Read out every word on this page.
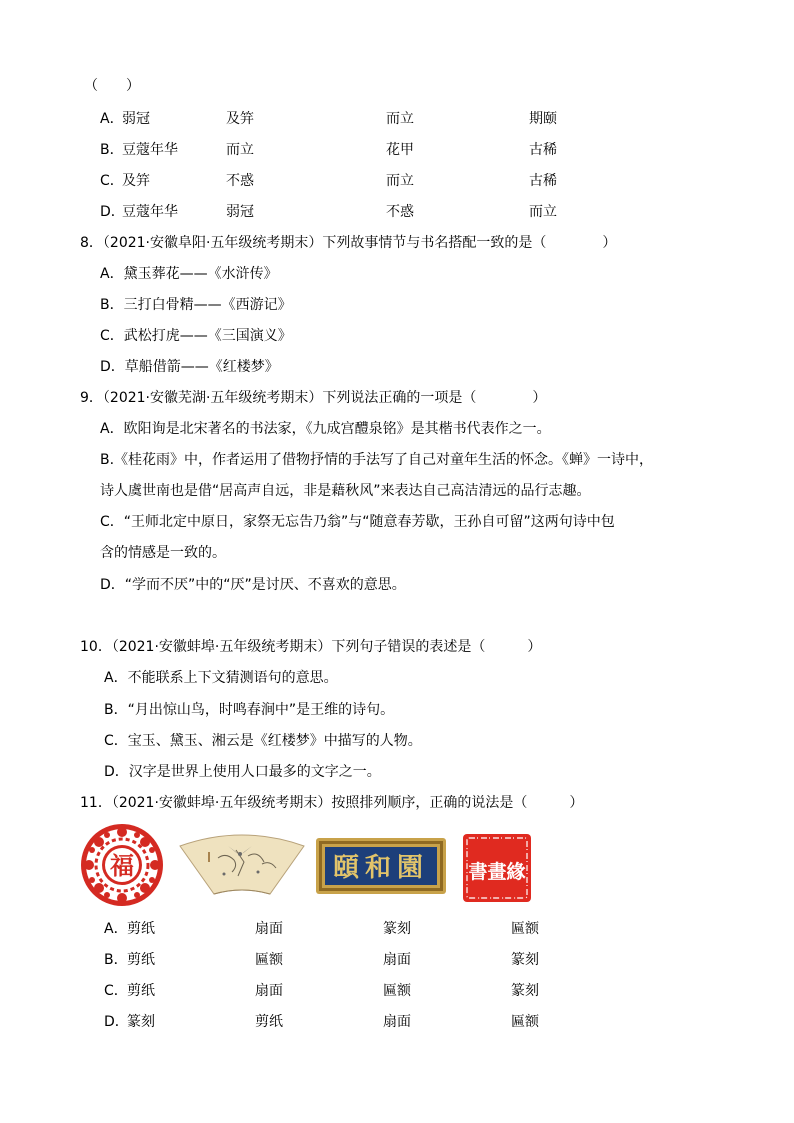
（　　）
A．
弱冠	及笄	而立	期颐
B．
豆蔻年华	而立	花甲	古稀
C．
及笄	不惑	而立	古稀
D．
豆蔻年华	弱冠	不惑	而立
8．（2021·安徽阜阳·五年级统考期末）下列故事情节与书名搭配一致的是（　　　　）
A．黛玉葬花——《水浒传》
B．三打白骨精——《西游记》
C．武松打虎——《三国演义》
D．草船借箭——《红楼梦》
9．（2021·安徽芜湖·五年级统考期末）下列说法正确的一项是（　　　　）
A．欧阳询是北宋著名的书法家，《九成宫醴泉铭》是其楷书代表作之一。
B.《桂花雨》中，作者运用了借物抒情的手法写了自己对童年生活的怀念。《蝉》一诗中，
诗人虞世南也是借“居高声自远，非是藉秋风”来表达自己高洁清远的品行志趣。
C．“王师北定中原日，家祭无忘告乃翁”与“随意春芳歇，王孙自可留”这两句诗中包
含的情感是一致的。
D．“学而不厌”中的“厌”是讨厌、不喜欢的意思。
10．（2021·安徽蚌埠·五年级统考期末）下列句子错误的表述是（　　　）
A．不能联系上下文猜测语句的意思。
B．“月出惊山鸟，时鸣春涧中”是王维的诗句。
C．宝玉、黛玉、湘云是《红楼梦》中描写的人物。
D．汉字是世界上使用人口最多的文字之一。
11．（2021·安徽蚌埠·五年级统考期末）按照排列顺序，正确的说法是（　　　）
福	頤和園 書畫緣
A． 剪纸	扇面	篆刻	匾额
B． 剪纸	匾额	扇面	篆刻
C． 剪纸	扇面	匾额	篆刻
D．
篆刻	剪纸	扇面	匾额
